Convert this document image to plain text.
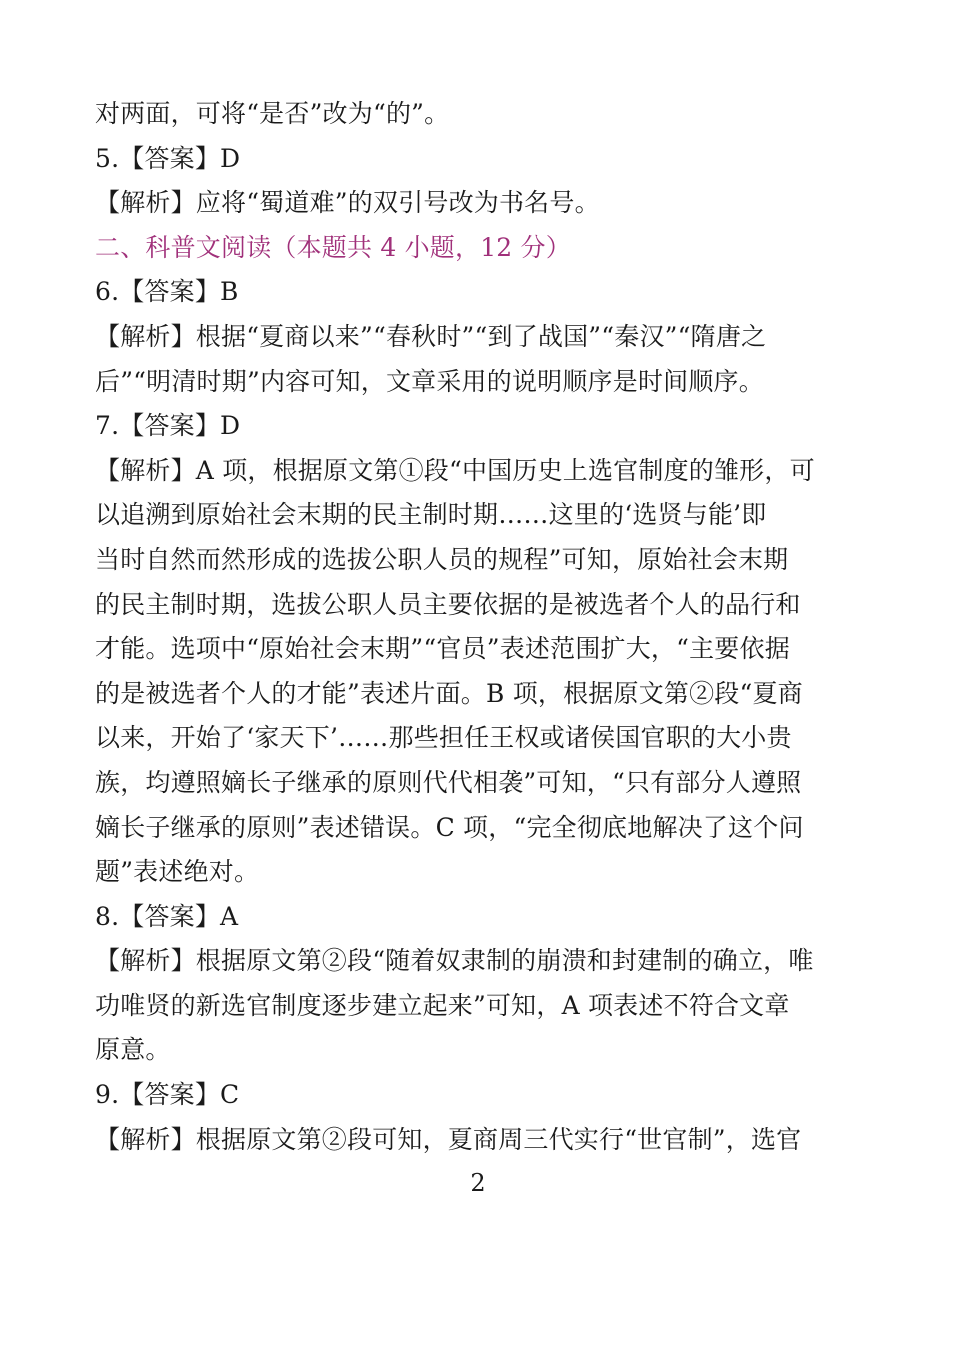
对两面，可将“是否”改为“的”。
5.【答案】D
【解析】应将“蜀道难”的双引号改为书名号。
二、科普文阅读（本题共 4 小题，12 分）
6.【答案】B
【解析】根据“夏商以来”“春秋时”“到了战国”“秦汉”“隋唐之
后”“明清时期”内容可知，文章采用的说明顺序是时间顺序。
7.【答案】D
【解析】A 项，根据原文第①段“中国历史上选官制度的雏形，可
以追溯到原始社会末期的民主制时期……这里的‘选贤与能’即
当时自然而然形成的选拔公职人员的规程”可知，原始社会末期
的民主制时期，选拔公职人员主要依据的是被选者个人的品行和
才能。选项中“原始社会末期”“官员”表述范围扩大，“主要依据
的是被选者个人的才能”表述片面。B 项，根据原文第②段“夏商
以来，开始了‘家天下’……那些担任王权或诸侯国官职的大小贵
族，均遵照嫡长子继承的原则代代相袭”可知，“只有部分人遵照
嫡长子继承的原则”表述错误。C 项，“完全彻底地解决了这个问
题”表述绝对。
8.【答案】A
【解析】根据原文第②段“随着奴隶制的崩溃和封建制的确立，唯
功唯贤的新选官制度逐步建立起来”可知，A 项表述不符合文章
原意。
9.【答案】C
【解析】根据原文第②段可知，夏商周三代实行“世官制”，选官
2
